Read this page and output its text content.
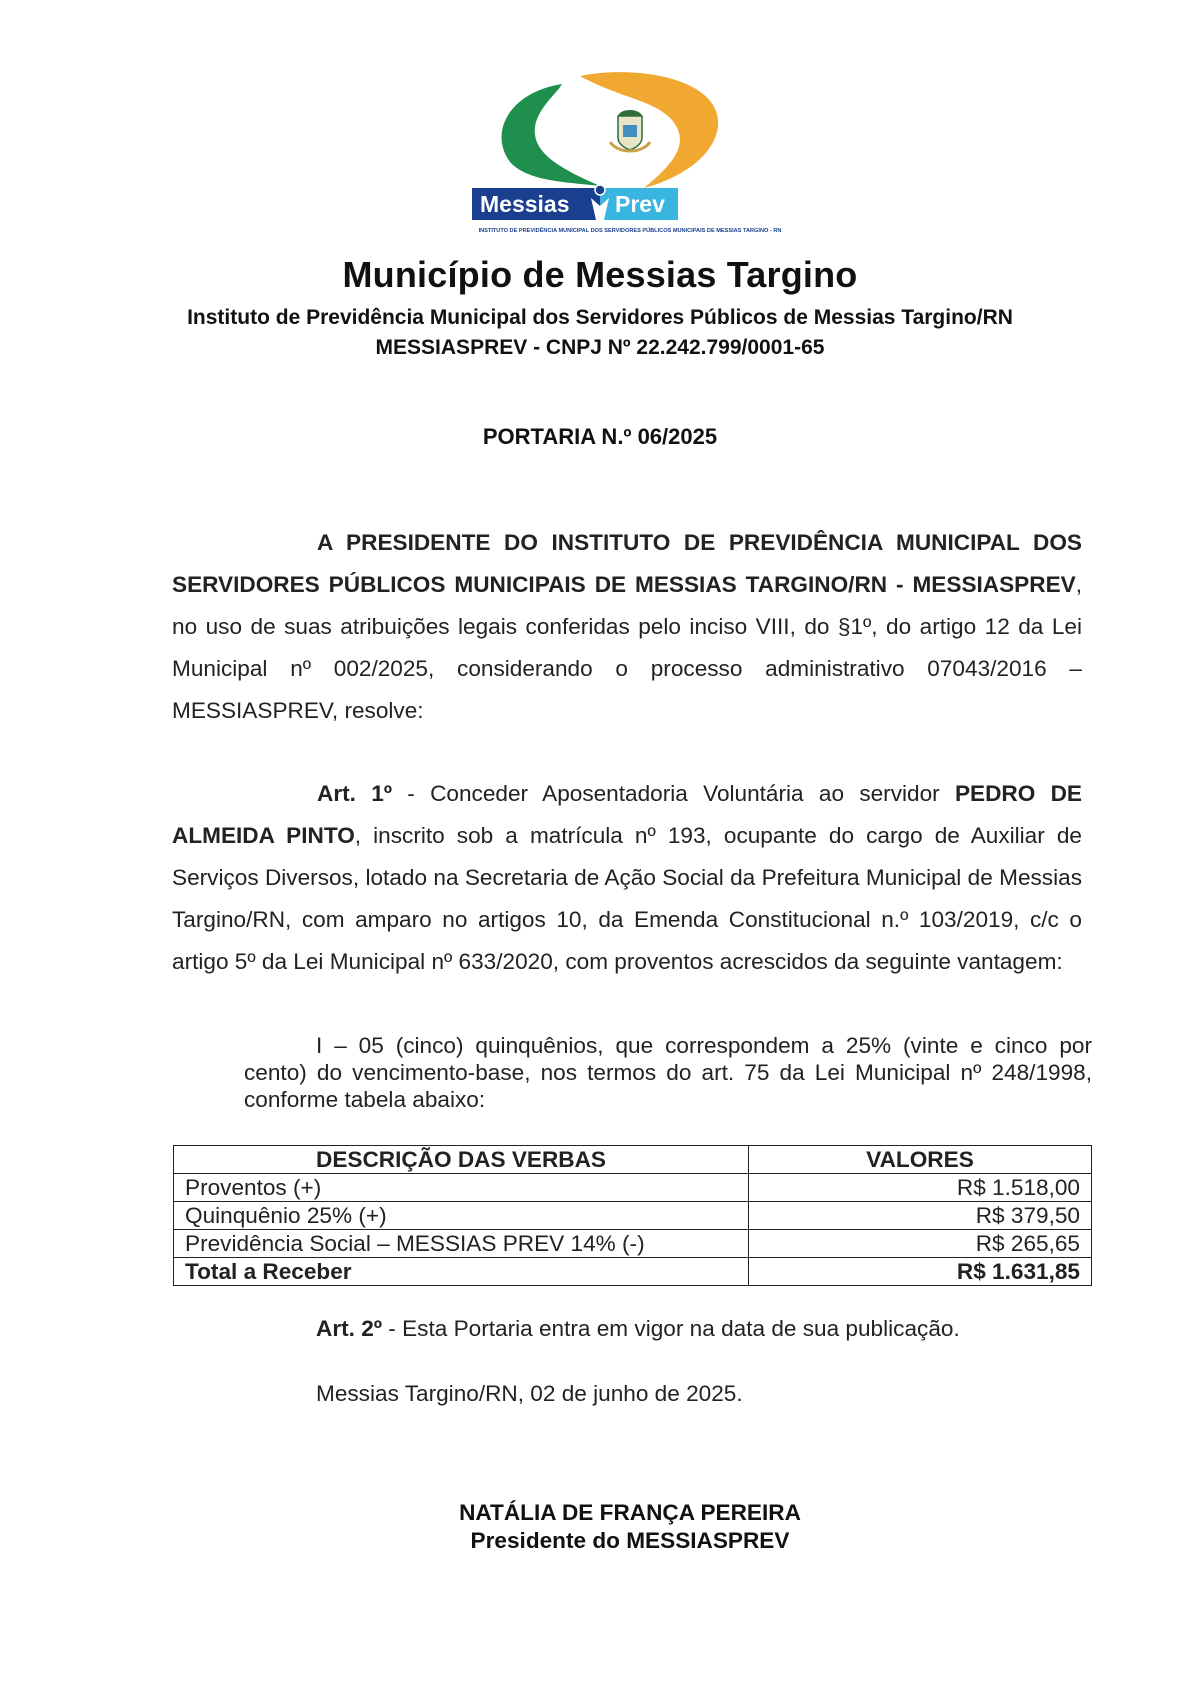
Messias Prev
INSTITUTO DE PREVIDÊNCIA MUNICIPAL DOS SERVIDORES PÚBLICOS MUNICIPAIS DE MESSIAS TARGINO - RN
Município de Messias Targino
Instituto de Previdência Municipal dos Servidores Públicos de Messias Targino/RN
MESSIASPREV - CNPJ Nº 22.242.799/0001-65
PORTARIA N.º 06/2025
A PRESIDENTE DO INSTITUTO DE PREVIDÊNCIA MUNICIPAL DOS SERVIDORES PÚBLICOS MUNICIPAIS DE MESSIAS TARGINO/RN - MESSIASPREV, no uso de suas atribuições legais conferidas pelo inciso VIII, do §1º, do artigo 12 da Lei Municipal nº 002/2025, considerando o processo administrativo 07043/2016 – MESSIASPREV, resolve:
Art. 1º - Conceder Aposentadoria Voluntária ao servidor PEDRO DE ALMEIDA PINTO, inscrito sob a matrícula nº 193, ocupante do cargo de Auxiliar de Serviços Diversos, lotado na Secretaria de Ação Social da Prefeitura Municipal de Messias Targino/RN, com amparo no artigos 10, da Emenda Constitucional n.º 103/2019, c/c o artigo 5º da Lei Municipal nº 633/2020, com proventos acrescidos da seguinte vantagem:
I – 05 (cinco) quinquênios, que correspondem a 25% (vinte e cinco por cento) do vencimento-base, nos termos do art. 75 da Lei Municipal nº 248/1998, conforme tabela abaixo:
DESCRIÇÃO DAS VERBAS	VALORES
Proventos (+)	R$ 1.518,00
Quinquênio 25% (+)	R$ 379,50
Previdência Social – MESSIAS PREV 14% (-)	R$ 265,65
Total a Receber	R$ 1.631,85
Art. 2º - Esta Portaria entra em vigor na data de sua publicação.
Messias Targino/RN, 02 de junho de 2025.
NATÁLIA DE FRANÇA PEREIRA
Presidente do MESSIASPREV
